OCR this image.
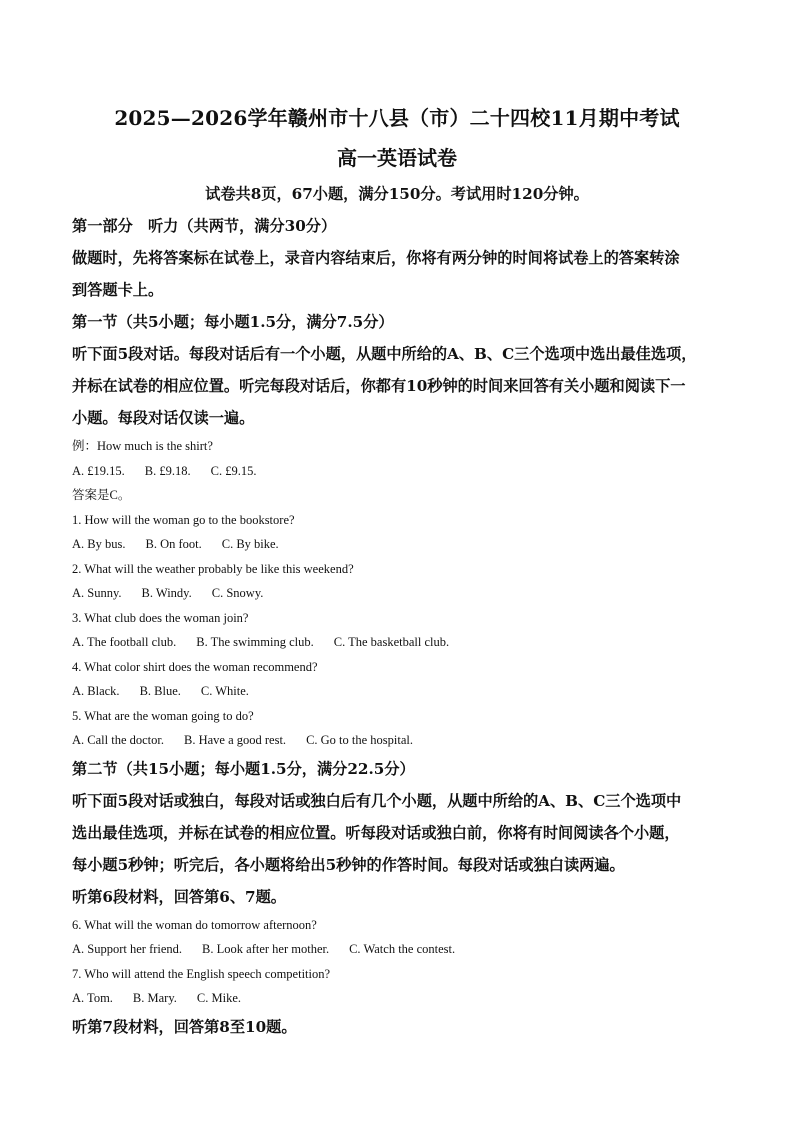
2025—2026学年赣州市十八县（市）二十四校11月期中考试
高一英语试卷
试卷共8页，67小题，满分150分。考试用时120分钟。
第一部分　听力（共两节，满分30分）
做题时，先将答案标在试卷上，录音内容结束后，你将有两分钟的时间将试卷上的答案转涂
到答题卡上。
第一节（共5小题；每小题1.5分，满分7.5分）
听下面5段对话。每段对话后有一个小题，从题中所给的A、B、C三个选项中选出最佳选项，
并标在试卷的相应位置。听完每段对话后，你都有10秒钟的时间来回答有关小题和阅读下一
小题。每段对话仅读一遍。
例：How much is the shirt?
A. £19.15. B. £9.18. C. £9.15.
答案是C。
1. How will the woman go to the bookstore?
A. By bus. B. On foot. C. By bike.
2. What will the weather probably be like this weekend?
A. Sunny. B. Windy. C. Snowy.
3. What club does the woman join?
A. The football club. B. The swimming club. C. The basketball club.
4. What color shirt does the woman recommend?
A. Black. B. Blue. C. White.
5. What are the woman going to do?
A. Call the doctor. B. Have a good rest. C. Go to the hospital.
第二节（共15小题；每小题1.5分，满分22.5分）
听下面5段对话或独白，每段对话或独白后有几个小题，从题中所给的A、B、C三个选项中
选出最佳选项，并标在试卷的相应位置。听每段对话或独白前，你将有时间阅读各个小题，
每小题5秒钟；听完后，各小题将给出5秒钟的作答时间。每段对话或独白读两遍。
听第6段材料，回答第6、7题。
6. What will the woman do tomorrow afternoon?
A. Support her friend. B. Look after her mother. C. Watch the contest.
7. Who will attend the English speech competition?
A. Tom. B. Mary. C. Mike.
听第7段材料，回答第8至10题。
